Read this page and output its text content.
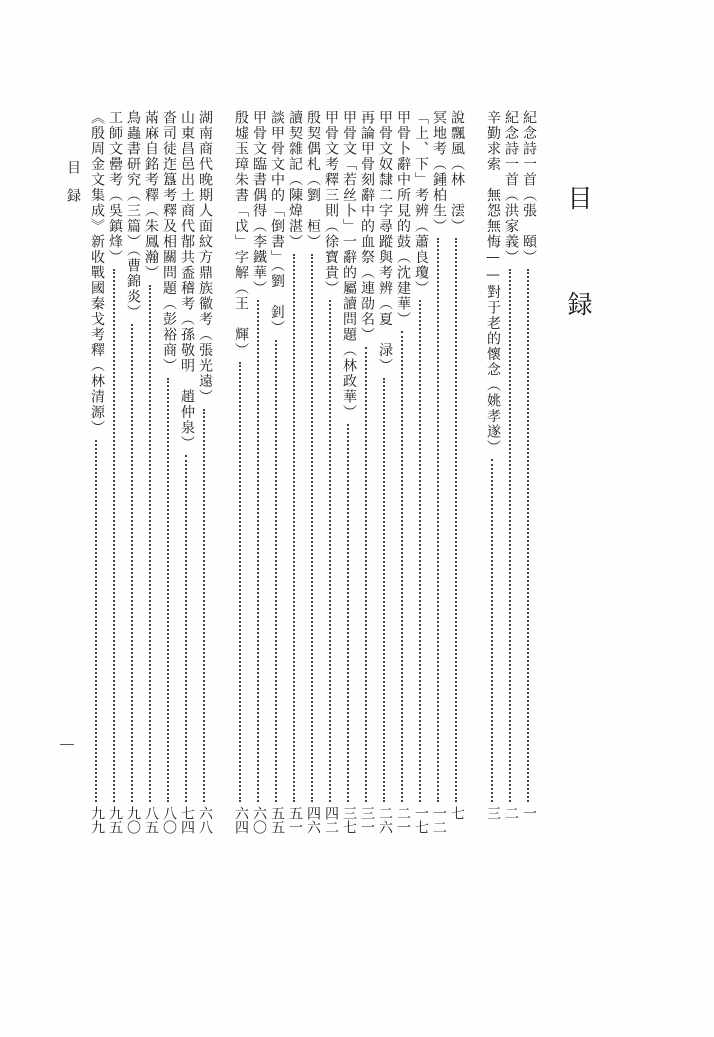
目 録
目録	紀念詩一首（張　頤）
一
紀念詩一首（洪家義）
二
辛勤求索　無怨無悔——對于老的懷念（姚孝遂）
三
說飄風（林　澐）
七
冥地考（鍾柏生）
一二
「上、下」考辨（蕭良瓊）
一七
甲骨卜辭中所見的鼓（沈建華）
二一
甲骨文奴隸二字尋蹤與考辨（夏　渌）
二六
再論甲骨刻辭中的血祭（連劭名）
三一
甲骨文「若丝卜」一辭的屬讀問題（林政華）
三七
甲骨文考釋三則（徐寶貴）
四二
殷契偶札（劉　桓）
四六
讀契雜記（陳煒湛）
五一
談甲骨文中的「倒書」（劉　釗）
五五
甲骨文臨書偶得（李鐵華）
六〇
殷墟玉璋朱書「戉」字解（王　輝）
六四
湖南商代晚期人面紋方鼎族徽考（張光遠）
六八
山東昌邑出土商代鄁共盉稽考（孫敬明　趙仲泉）
七四
沓司徒迮簋考釋及相關問題（彭裕商）
八〇
㒼麻自銘考釋（朱鳳瀚）
八五
鳥蟲書研究（三篇）（曹錦炎）
九〇
工師文罍考（吳鎮烽）
九五
《殷周金文集成》新收戰國秦戈考釋（林清源）
九九
